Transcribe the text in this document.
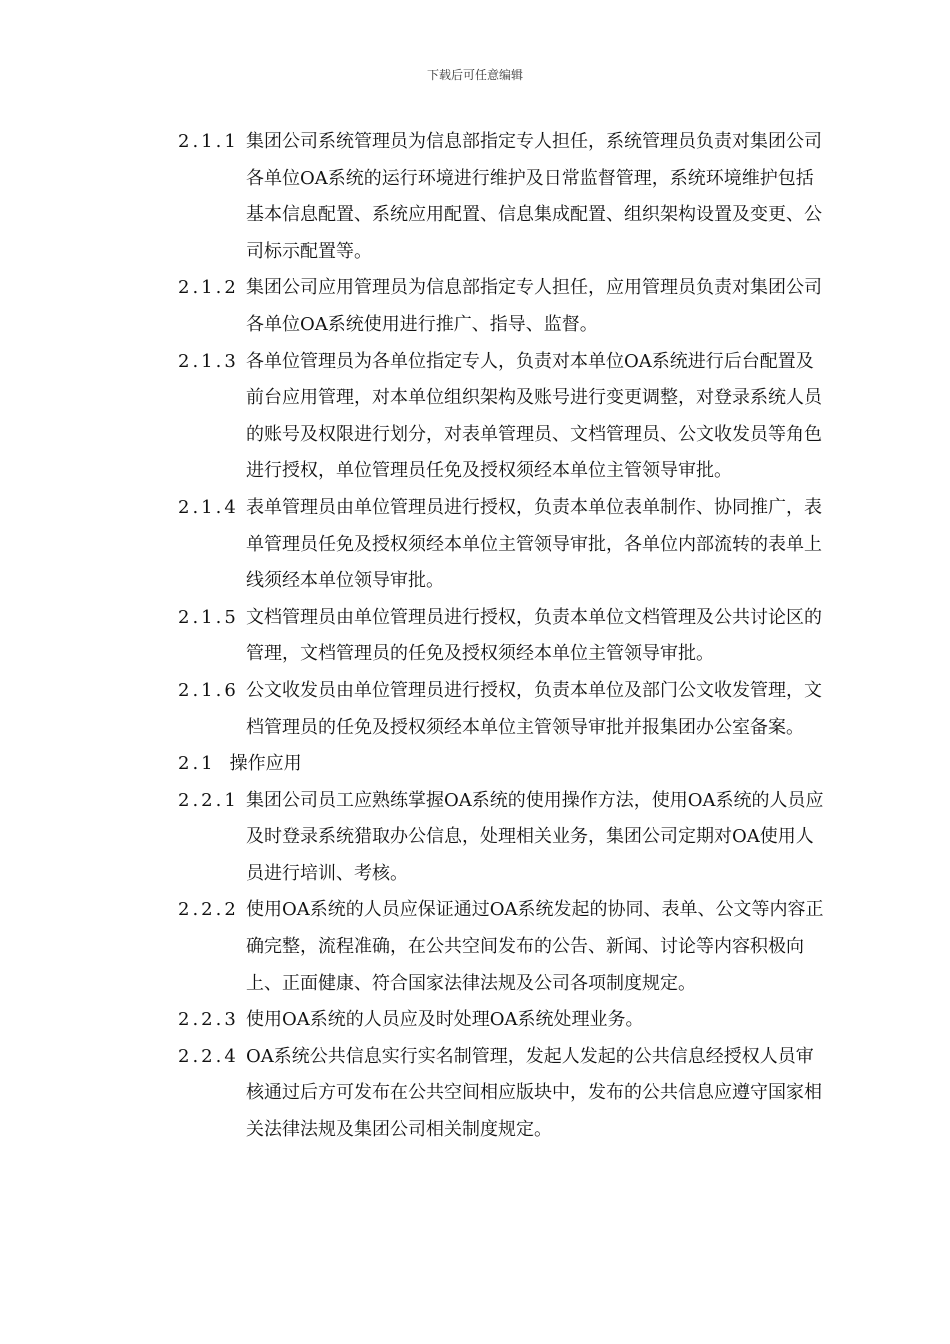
下载后可任意编辑
2.1.1 集团公司系统管理员为信息部指定专人担任，系统管理员负责对集团公司各单位OA系统的运行环境进行维护及日常监督管理，系统环境维护包括基本信息配置、系统应用配置、信息集成配置、组织架构设置及变更、公司标示配置等。
2.1.2 集团公司应用管理员为信息部指定专人担任，应用管理员负责对集团公司各单位OA系统使用进行推广、指导、监督。
2.1.3 各单位管理员为各单位指定专人，负责对本单位OA系统进行后台配置及前台应用管理，对本单位组织架构及账号进行变更调整，对登录系统人员的账号及权限进行划分，对表单管理员、文档管理员、公文收发员等角色进行授权，单位管理员任免及授权须经本单位主管领导审批。
2.1.4 表单管理员由单位管理员进行授权，负责本单位表单制作、协同推广，表单管理员任免及授权须经本单位主管领导审批，各单位内部流转的表单上线须经本单位领导审批。
2.1.5 文档管理员由单位管理员进行授权，负责本单位文档管理及公共讨论区的管理，文档管理员的任免及授权须经本单位主管领导审批。
2.1.6 公文收发员由单位管理员进行授权，负责本单位及部门公文收发管理，文档管理员的任免及授权须经本单位主管领导审批并报集团办公室备案。
2.1 操作应用
2.2.1 集团公司员工应熟练掌握OA系统的使用操作方法，使用OA系统的人员应及时登录系统猎取办公信息，处理相关业务，集团公司定期对OA使用人员进行培训、考核。
2.2.2 使用OA系统的人员应保证通过OA系统发起的协同、表单、公文等内容正确完整，流程准确，在公共空间发布的公告、新闻、讨论等内容积极向上、正面健康、符合国家法律法规及公司各项制度规定。
2.2.3 使用OA系统的人员应及时处理OA系统处理业务。
2.2.4 OA系统公共信息实行实名制管理，发起人发起的公共信息经授权人员审核通过后方可发布在公共空间相应版块中，发布的公共信息应遵守国家相关法律法规及集团公司相关制度规定。
